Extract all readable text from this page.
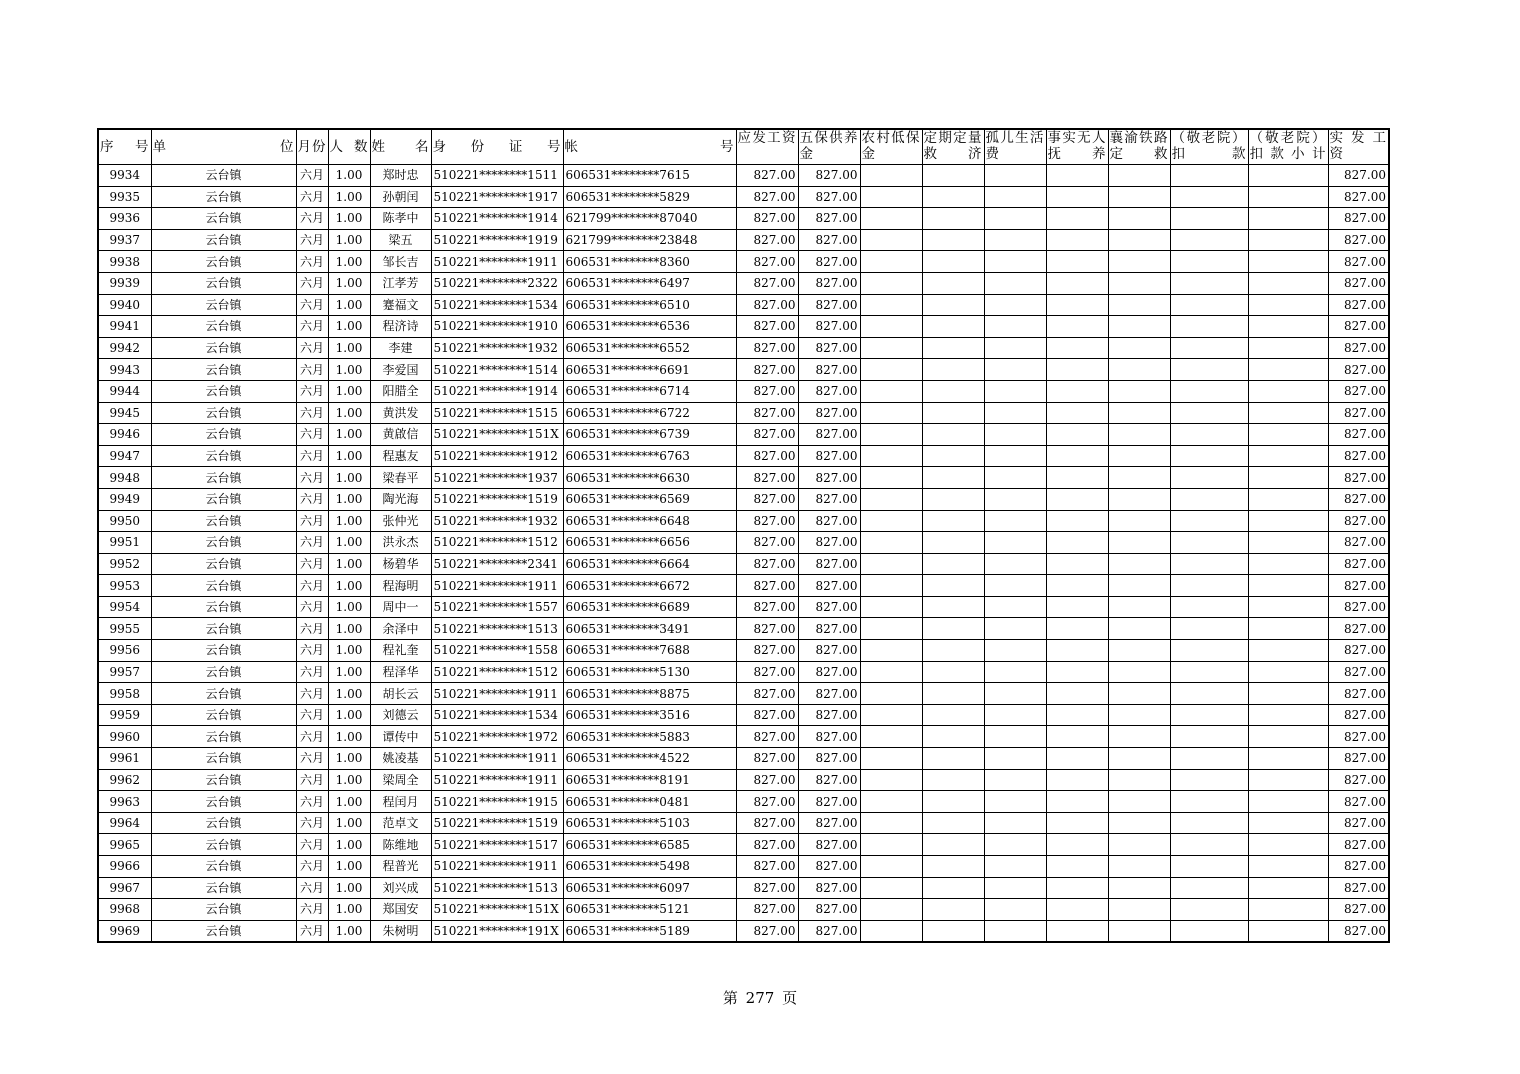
序号	单位	月份	人数	姓名	身份证号	帐号	应发工资	五保供养金	农村低保金	定期定量救济	孤儿生活费	事实无人抚养	襄渝铁路定救	（敬老院）扣款	（敬老院）扣款小计	实发工资
9934	云台镇	六月	1.00	郑时忠	510221********1511	606531********7615	827.00	827.00								827.00
9935	云台镇	六月	1.00	孙朝闰	510221********1917	606531********5829	827.00	827.00								827.00
9936	云台镇	六月	1.00	陈孝中	510221********1914	621799********87040	827.00	827.00								827.00
9937	云台镇	六月	1.00	梁五	510221********1919	621799********23848	827.00	827.00								827.00
9938	云台镇	六月	1.00	邹长吉	510221********1911	606531********8360	827.00	827.00								827.00
9939	云台镇	六月	1.00	江孝芳	510221********2322	606531********6497	827.00	827.00								827.00
9940	云台镇	六月	1.00	蹇福文	510221********1534	606531********6510	827.00	827.00								827.00
9941	云台镇	六月	1.00	程济诗	510221********1910	606531********6536	827.00	827.00								827.00
9942	云台镇	六月	1.00	李建	510221********1932	606531********6552	827.00	827.00								827.00
9943	云台镇	六月	1.00	李爱国	510221********1514	606531********6691	827.00	827.00								827.00
9944	云台镇	六月	1.00	阳腊全	510221********1914	606531********6714	827.00	827.00								827.00
9945	云台镇	六月	1.00	黄洪发	510221********1515	606531********6722	827.00	827.00								827.00
9946	云台镇	六月	1.00	黄啟信	510221********151X	606531********6739	827.00	827.00								827.00
9947	云台镇	六月	1.00	程惠友	510221********1912	606531********6763	827.00	827.00								827.00
9948	云台镇	六月	1.00	梁春平	510221********1937	606531********6630	827.00	827.00								827.00
9949	云台镇	六月	1.00	陶光海	510221********1519	606531********6569	827.00	827.00								827.00
9950	云台镇	六月	1.00	张仲光	510221********1932	606531********6648	827.00	827.00								827.00
9951	云台镇	六月	1.00	洪永杰	510221********1512	606531********6656	827.00	827.00								827.00
9952	云台镇	六月	1.00	杨碧华	510221********2341	606531********6664	827.00	827.00								827.00
9953	云台镇	六月	1.00	程海明	510221********1911	606531********6672	827.00	827.00								827.00
9954	云台镇	六月	1.00	周中一	510221********1557	606531********6689	827.00	827.00								827.00
9955	云台镇	六月	1.00	余泽中	510221********1513	606531********3491	827.00	827.00								827.00
9956	云台镇	六月	1.00	程礼奎	510221********1558	606531********7688	827.00	827.00								827.00
9957	云台镇	六月	1.00	程泽华	510221********1512	606531********5130	827.00	827.00								827.00
9958	云台镇	六月	1.00	胡长云	510221********1911	606531********8875	827.00	827.00								827.00
9959	云台镇	六月	1.00	刘德云	510221********1534	606531********3516	827.00	827.00								827.00
9960	云台镇	六月	1.00	谭传中	510221********1972	606531********5883	827.00	827.00								827.00
9961	云台镇	六月	1.00	姚凌基	510221********1911	606531********4522	827.00	827.00								827.00
9962	云台镇	六月	1.00	梁周全	510221********1911	606531********8191	827.00	827.00								827.00
9963	云台镇	六月	1.00	程闰月	510221********1915	606531********0481	827.00	827.00								827.00
9964	云台镇	六月	1.00	范卓文	510221********1519	606531********5103	827.00	827.00								827.00
9965	云台镇	六月	1.00	陈维地	510221********1517	606531********6585	827.00	827.00								827.00
9966	云台镇	六月	1.00	程普光	510221********1911	606531********5498	827.00	827.00								827.00
9967	云台镇	六月	1.00	刘兴成	510221********1513	606531********6097	827.00	827.00								827.00
9968	云台镇	六月	1.00	郑国安	510221********151X	606531********5121	827.00	827.00								827.00
9969	云台镇	六月	1.00	朱树明	510221********191X	606531********5189	827.00	827.00								827.00
第 277 页
